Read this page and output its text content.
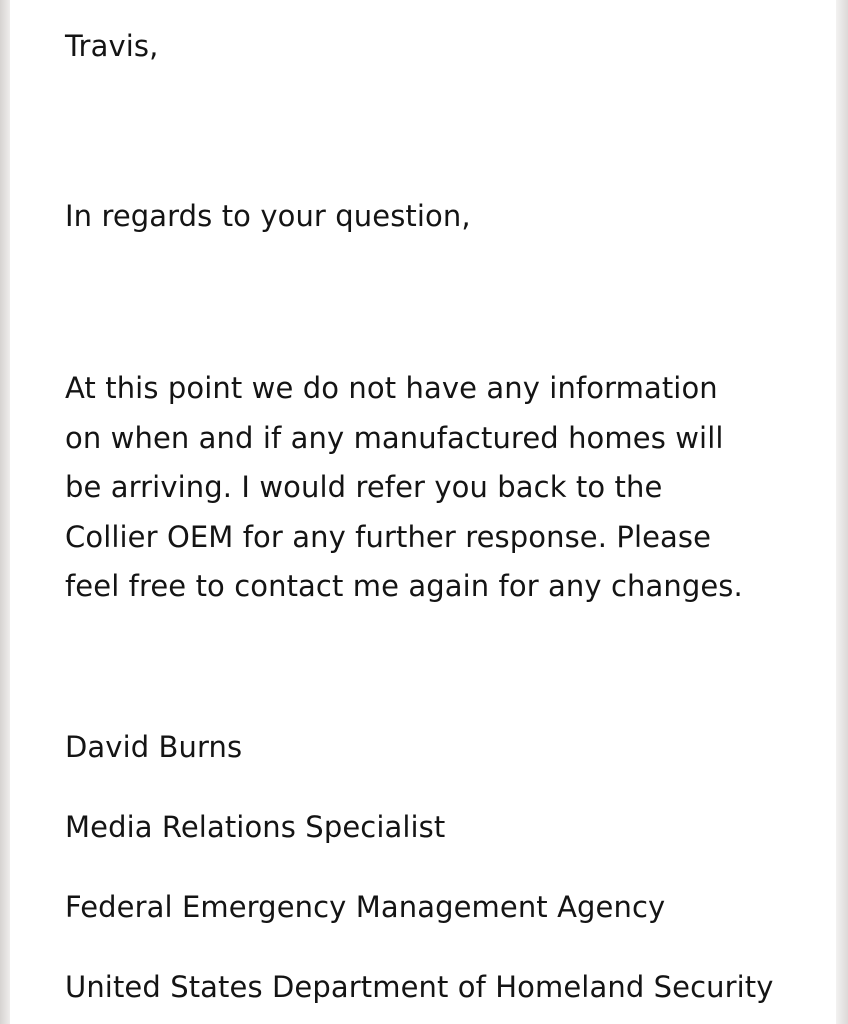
Travis,
In regards to your question,
At this point we do not have any information
on when and if any manufactured homes will
be arriving. I would refer you back to the
Collier OEM for any further response. Please
feel free to contact me again for any changes.
David Burns
Media Relations Specialist
Federal Emergency Management Agency
United States Department of Homeland Security
